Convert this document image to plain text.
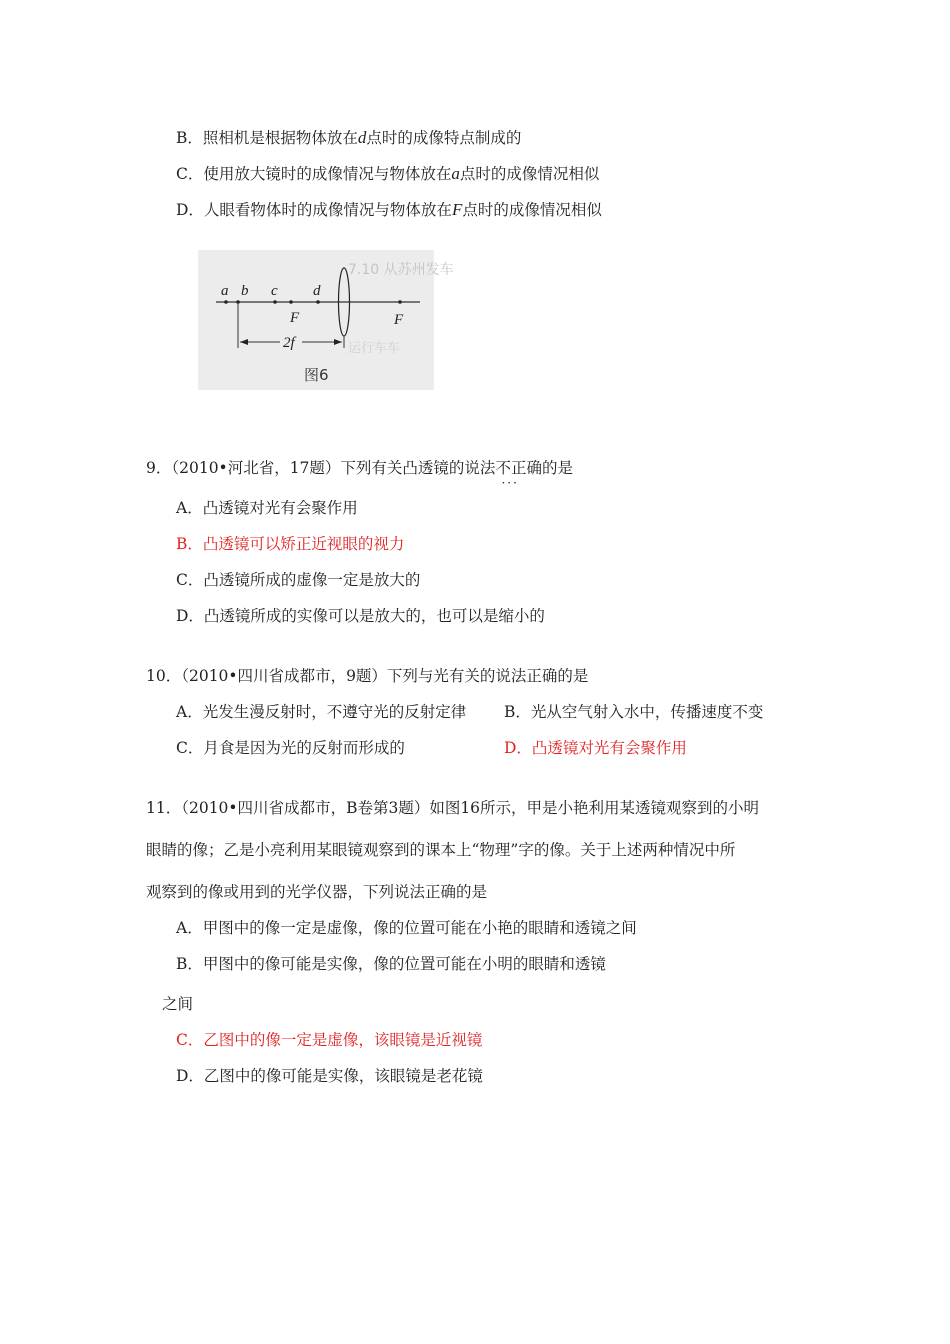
B．照相机是根据物体放在d点时的成像特点制成的
C．使用放大镜时的成像情况与物体放在a点时的成像情况相似
D．人眼看物体时的成像情况与物体放在F点时的成像情况相似
7.10 从苏州发车
运行车车
a b c d
F	F
2f
图6
9．（2010•河北省，17题）下列有关凸透镜的说法不正确 ···的是
A．凸透镜对光有会聚作用
B．凸透镜可以矫正近视眼的视力
C．凸透镜所成的虚像一定是放大的
D．凸透镜所成的实像可以是放大的，也可以是缩小的
10．（2010•四川省成都市，9题）下列与光有关的说法正确的是
A．光发生漫反射时，不遵守光的反射定律 B．光从空气射入水中，传播速度不变
C．月食是因为光的反射而形成的	D．凸透镜对光有会聚作用
11．（2010•四川省成都市，B卷第3题）如图16所示，甲是小艳利用某透镜观察到的小明
眼睛的像；乙是小亮利用某眼镜观察到的课本上“物理”字的像。关于上述两种情况中所
观察到的像或用到的光学仪器，下列说法正确的是
A．甲图中的像一定是虚像，像的位置可能在小艳的眼睛和透镜之间
B．甲图中的像可能是实像，像的位置可能在小明的眼睛和透镜
之间
C．乙图中的像一定是虚像，该眼镜是近视镜
D．乙图中的像可能是实像，该眼镜是老花镜
